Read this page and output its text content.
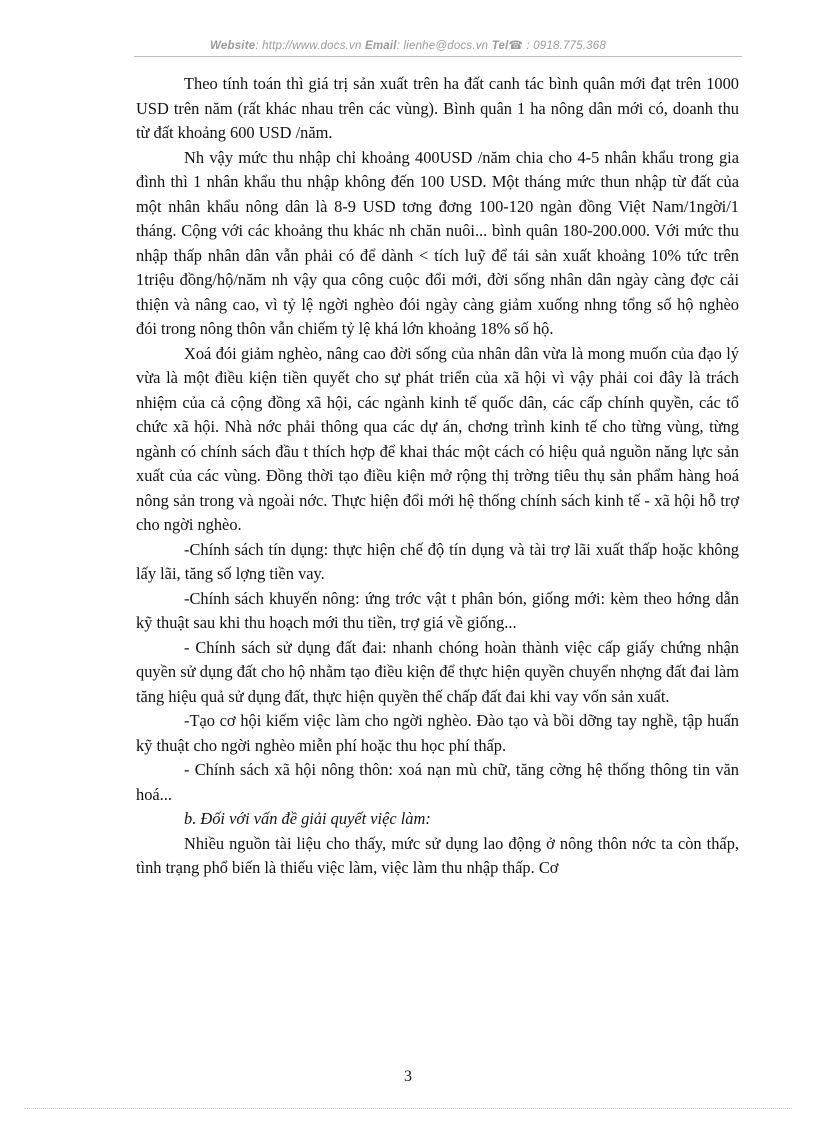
Website: http://www.docs.vn Email: lienhe@docs.vn Tel☎ : 0918.775.368

Theo tính toán thì giá trị sản xuất trên ha đất canh tác bình quân mới đạt trên 1000 USD trên năm (rất khác nhau trên các vùng). Bình quân 1 ha nông dân mới có, doanh thu từ đất khoảng 600 USD /năm.

Nh vậy mức thu nhập chỉ khoảng 400USD /năm chia cho 4-5 nhân khẩu trong gia đình thì 1 nhân khẩu thu nhập không đến 100 USD. Một tháng mức thun nhập từ đất của một nhân khẩu nông dân là 8-9 USD tơng đơng 100-120 ngàn đồng Việt Nam/1ngời/1 tháng. Cộng với các khoảng thu khác nh chăn nuôi... bình quân 180-200.000. Với mức thu nhập thấp nhân dân vẫn phải có để dành < tích luỹ để tái sản xuất khoảng 10% tức trên 1triệu đồng/hộ/năm nh vậy qua công cuộc đổi mới, đời sống nhân dân ngày càng đợc cải thiện và nâng cao, vì tỷ lệ ngời nghèo đói ngày càng giảm xuống nhng tổng số hộ nghèo đói trong nông thôn vẫn chiếm tỷ lệ khá lớn khoảng 18% số hộ.

Xoá đói giảm nghèo, nâng cao đời sống của nhân dân vừa là mong muốn của đạo lý vừa là một điều kiện tiền quyết cho sự phát triển của xã hội vì vậy phải coi đây là trách nhiệm của cả cộng đồng xã hội, các ngành kinh tế quốc dân, các cấp chính quyền, các tổ chức xã hội. Nhà nớc phải thông qua các dự án, chơng trình kinh tế cho từng vùng, từng ngành có chính sách đầu t thích hợp để khai thác một cách có hiệu quả nguồn năng lực sản xuất của các vùng. Đồng thời tạo điều kiện mở rộng thị trờng tiêu thụ sản phẩm hàng hoá nông sản trong và ngoài nớc. Thực hiện đổi mới hệ thống chính sách kinh tế - xã hội hỗ trợ cho ngời nghèo.

-Chính sách tín dụng: thực hiện chế độ tín dụng và tài trợ lãi xuất thấp hoặc không lấy lãi, tăng số lợng tiền vay.

-Chính sách khuyến nông: ứng trớc vật t phân bón, giống mới: kèm theo hớng dẫn kỹ thuật sau khi thu hoạch mới thu tiền, trợ giá về giống...

- Chính sách sử dụng đất đai: nhanh chóng hoàn thành việc cấp giấy chứng nhận quyền sử dụng đất cho hộ nhằm tạo điều kiện để thực hiện quyền chuyển nhợng đất đai làm tăng hiệu quả sử dụng đất, thực hiện quyền thế chấp đất đai khi vay vốn sản xuất.

-Tạo cơ hội kiếm việc làm cho ngời nghèo. Đào tạo và bồi dỡng tay nghề, tập huấn kỹ thuật cho ngời nghèo miễn phí hoặc thu học phí thấp.

- Chính sách xã hội nông thôn: xoá nạn mù chữ, tăng cờng hệ thống thông tin văn hoá...

b. Đối với vấn đề giải quyết việc làm:

Nhiều nguồn tài liệu cho thấy, mức sử dụng lao động ở nông thôn nớc ta còn thấp, tình trạng phổ biến là thiếu việc làm, việc làm thu nhập thấp. Cơ

3
